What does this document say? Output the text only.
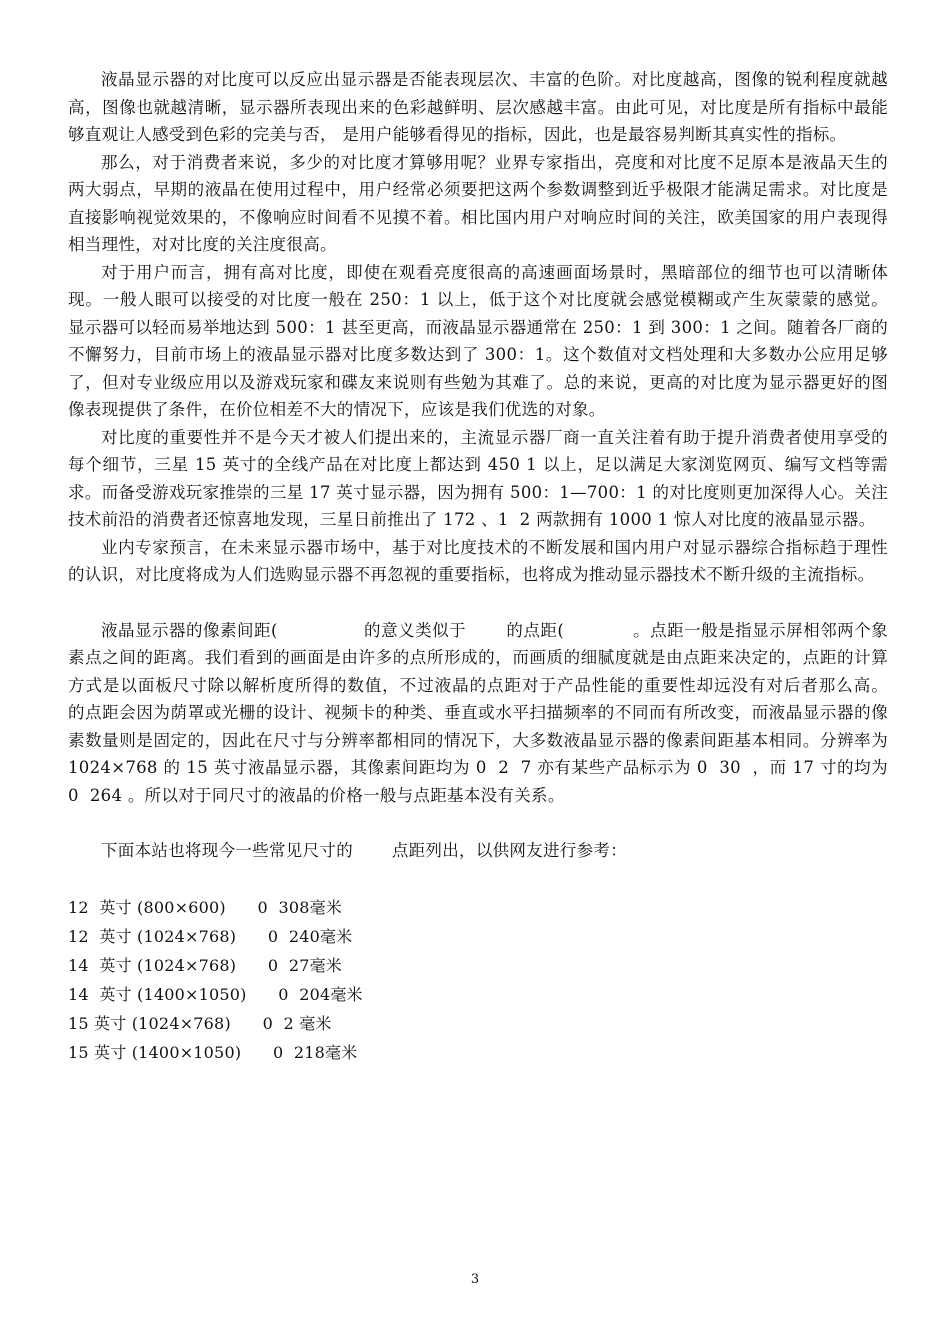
液晶显示器的对比度可以反应出显示器是否能表现层次、丰富的色阶。对比度越高，图像的锐利程度就越高，图像也就越清晰，显示器所表现出来的色彩越鲜明、层次感越丰富。由此可见，对比度是所有指标中最能够直观让人感受到色彩的完美与否， 是用户能够看得见的指标，因此，也是最容易判断其真实性的指标。

那么，对于消费者来说，多少的对比度才算够用呢？业界专家指出，亮度和对比度不足原本是液晶天生的两大弱点，早期的液晶在使用过程中，用户经常必须要把这两个参数调整到近乎极限才能满足需求。对比度是直接影响视觉效果的，不像响应时间看不见摸不着。相比国内用户对响应时间的关注，欧美国家的用户表现得相当理性，对对比度的关注度很高。

对于用户而言，拥有高对比度，即使在观看亮度很高的高速画面场景时，黑暗部位的细节也可以清晰体现。一般人眼可以接受的对比度一般在 250：1 以上，低于这个对比度就会感觉模糊或产生灰蒙蒙的感觉。     显示器可以轻而易举地达到 500：1 甚至更高，而液晶显示器通常在 250：1 到 300：1 之间。随着各厂商的不懈努力，目前市场上的液晶显示器对比度多数达到了 300：1。这个数值对文档处理和大多数办公应用足够了，但对专业级应用以及游戏玩家和碟友来说则有些勉为其难了。总的来说，更高的对比度为显示器更好的图像表现提供了条件，在价位相差不大的情况下，应该是我们优选的对象。

对比度的重要性并不是今天才被人们提出来的，主流显示器厂商一直关注着有助于提升消费者使用享受的每个细节，三星 15 英寸的全线产品在对比度上都达到 450 1 以上，足以满足大家浏览网页、编写文档等需求。而备受游戏玩家推崇的三星 17 英寸显示器，因为拥有 500：1—700：1 的对比度则更加深得人心。关注技术前沿的消费者还惊喜地发现，三星日前推出了 172 、1  2 两款拥有 1000 1 惊人对比度的液晶显示器。

业内专家预言，在未来显示器市场中，基于对比度技术的不断发展和国内用户对显示器综合指标趋于理性的认识，对比度将成为人们选购显示器不再忽视的重要指标，也将成为推动显示器技术不断升级的主流指标。

液晶显示器的像素间距(               的意义类似于       的点距(            。点距一般是指显示屏相邻两个象素点之间的距离。我们看到的画面是由许多的点所形成的，而画质的细腻度就是由点距来决定的，点距的计算方式是以面板尺寸除以解析度所得的数值，不过液晶的点距对于产品性能的重要性却远没有对后者那么高。      的点距会因为荫罩或光栅的设计、视频卡的种类、垂直或水平扫描频率的不同而有所改变，而液晶显示器的像素数量则是固定的，因此在尺寸与分辨率都相同的情况下，大多数液晶显示器的像素间距基本相同。分辨率为 1024×768 的 15 英寸液晶显示器，其像素间距均为 0  2  7 亦有某些产品标示为 0  30  ，而 17 寸的均为 0  264 。所以对于同尺寸的液晶的价格一般与点距基本没有关系。

下面本站也将现今一些常见尺寸的       点距列出，以供网友进行参考：

12  英寸 (800×600)      0  308毫米
12  英寸 (1024×768)      0  240毫米
14  英寸 (1024×768)      0  27毫米
14  英寸 (1400×1050)      0  204毫米
15 英寸 (1024×768)      0  2 毫米
15 英寸 (1400×1050)      0  218毫米
3
